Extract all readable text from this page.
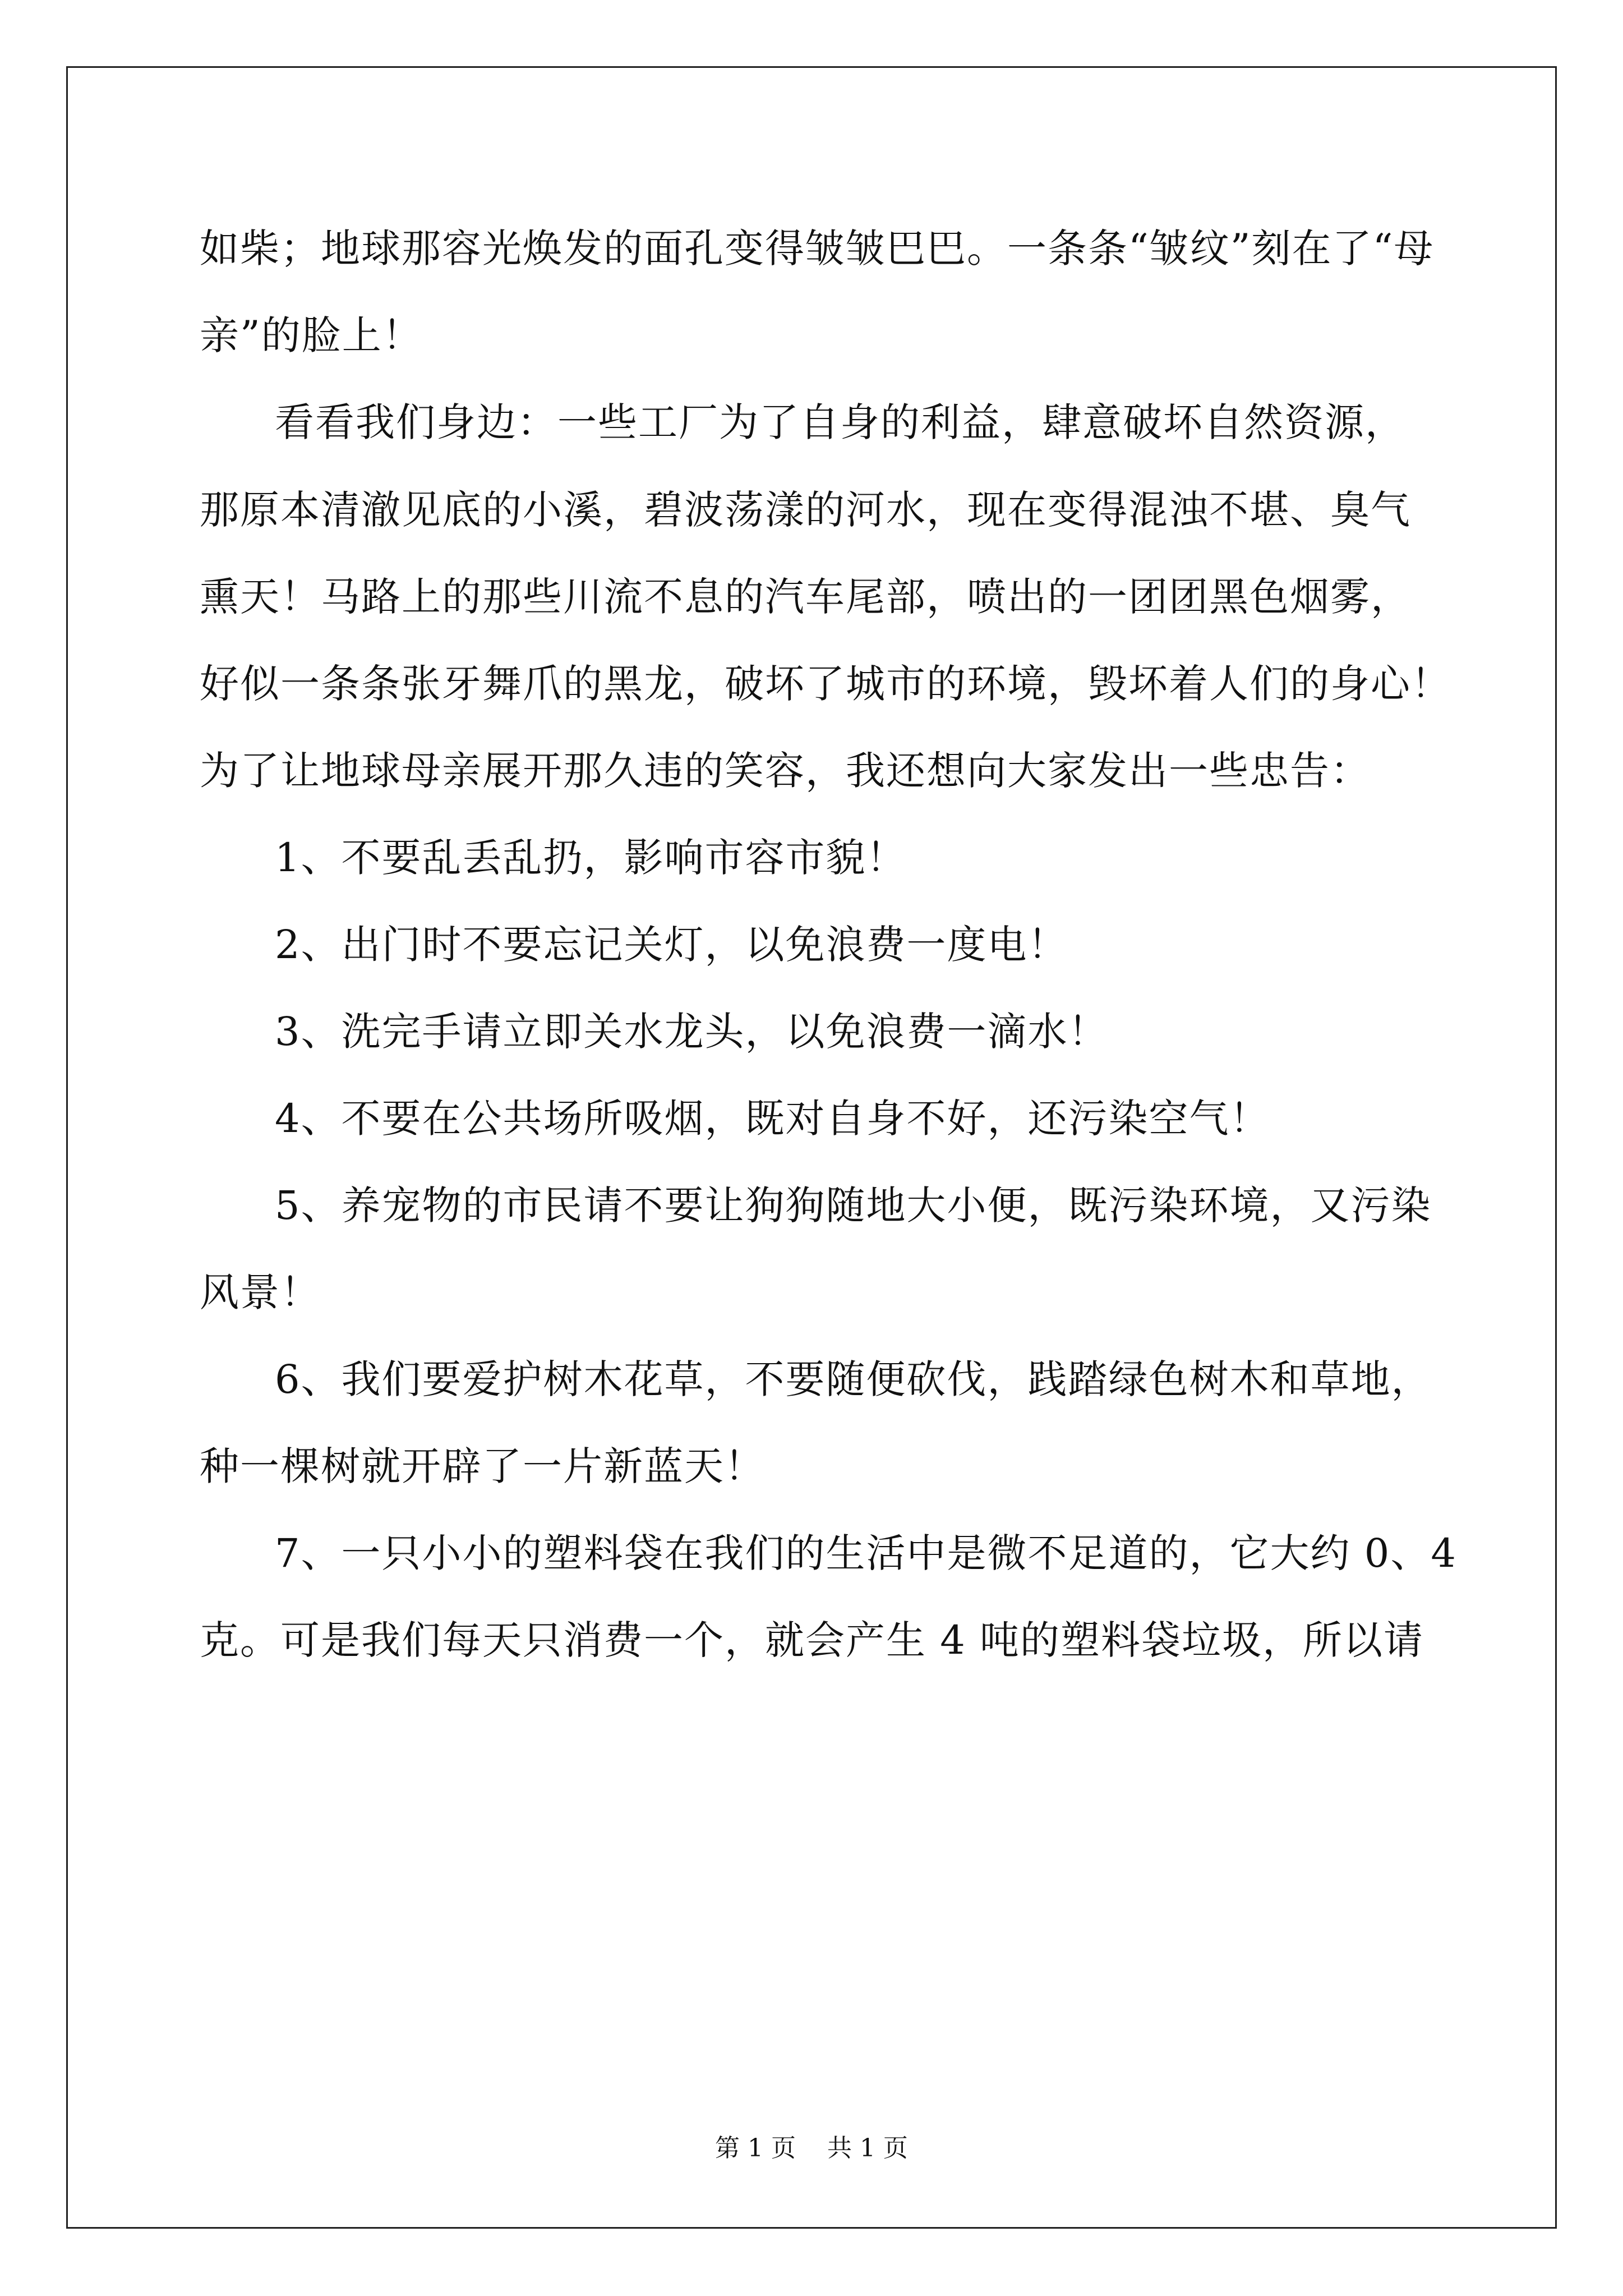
如柴；地球那容光焕发的面孔变得皱皱巴巴。一条条“皱纹”刻在了“母
亲”的脸上！
看看我们身边：一些工厂为了自身的利益，肆意破坏自然资源，
那原本清澈见底的小溪，碧波荡漾的河水，现在变得混浊不堪、臭气
熏天！马路上的那些川流不息的汽车尾部，喷出的一团团黑色烟雾，
好似一条条张牙舞爪的黑龙，破坏了城市的环境，毁坏着人们的身心！
为了让地球母亲展开那久违的笑容，我还想向大家发出一些忠告：
1、不要乱丢乱扔，影响市容市貌！
2、出门时不要忘记关灯，以免浪费一度电！
3、洗完手请立即关水龙头，以免浪费一滴水！
4、不要在公共场所吸烟，既对自身不好，还污染空气！
5、养宠物的市民请不要让狗狗随地大小便，既污染环境，又污染
风景！
6、我们要爱护树木花草，不要随便砍伐，践踏绿色树木和草地，
种一棵树就开辟了一片新蓝天！
7、一只小小的塑料袋在我们的生活中是微不足道的，它大约 0、4
克。可是我们每天只消费一个，就会产生 4 吨的塑料袋垃圾，所以请
第 1 页    共 1 页
